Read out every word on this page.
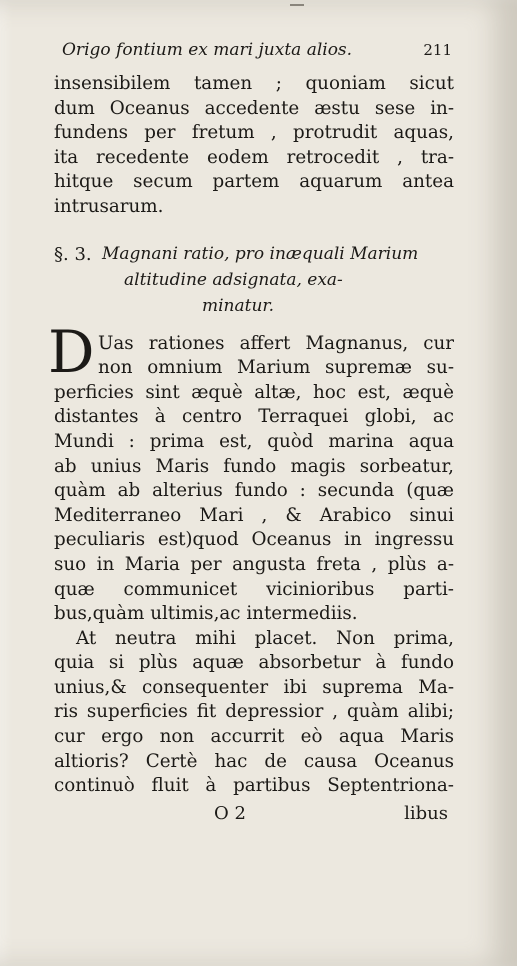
Origo fontium ex mari juxta alios.	211
insensibilem tamen ; quoniam sicut
dum Oceanus accedente æstu sese in-
fundens per fretum , protrudit aquas,
ita recedente eodem retrocedit , tra-
hitque secum partem aquarum antea
intrusarum.
§. 3. Magnani ratio, pro inæquali Marium
altitudine adsignata, exa-
minatur.
D Uas rationes affert Magnanus, cur
non omnium Marium supremæ su-
perficies sint æquè altæ, hoc est, æquè
distantes à centro Terraquei globi, ac
Mundi : prima est, quòd marina aqua
ab unius Maris fundo magis sorbeatur,
quàm ab alterius fundo : secunda (quæ
Mediterraneo Mari , & Arabico sinui
peculiaris est)quod Oceanus in ingressu
suo in Maria per angusta freta , plùs a-
quæ communicet vicinioribus parti-
bus,quàm ultimis,ac intermediis.
At neutra mihi placet. Non prima,
quia si plùs aquæ absorbetur à fundo
unius,& consequenter ibi suprema Ma-
ris superficies fit depressior , quàm alibi;
cur ergo non accurrit eò aqua Maris
altioris? Certè hac de causa Oceanus
continuò fluit à partibus Septentriona-
O 2	libus
